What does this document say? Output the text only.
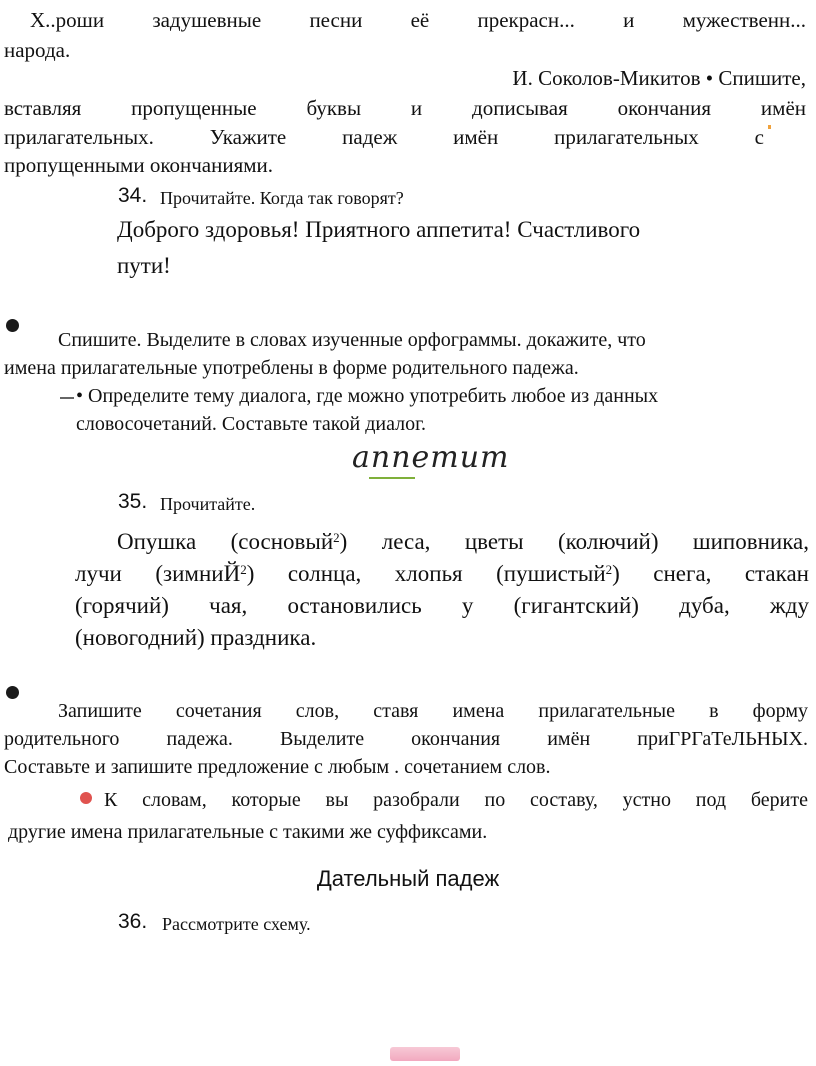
Х..роши задушевные песни её прекрасн... и мужественн...

народа.

И. Соколов-Микитов • Спишите,

вставляя пропущенные буквы и дописывая окончания имён

прилагательных. Укажите падеж имён прилагательных с

пропущенными окончаниями.

34. Прочитайте. Когда так говорят?

Доброго здоровья! Приятного аппетита! Счастливого

пути!

Спишите. Выделите в словах изученные орфограммы. докажите, что

имена прилагательные употреблены в форме родительного падежа.

• Определите тему диалога, где можно употребить любое из данных

словосочетаний. Составьте такой диалог.

аппетит
35. Прочитайте.

Опушка (сосновый$^2$) леса, цветы (колючий) шиповника,

лучи (зимниЙ$^2$) солнца, хлопья (пушистый$^2$) снега, стакан

(горячий) чая, остановились у (гигантский) дуба, жду

(новогодний) праздника.

Запишите сочетания слов, ставя имена прилагательные в форму

родительного падежа. Выделите окончания имён приГРГаТеЛЬНЫХ.

Составьте и запишите предложение с любым . сочетанием слов.

К словам, которые вы разобрали по составу, устно под берите

другие имена прилагательные с такими же суффиксами.

Дательный падеж

36. Рассмотрите схему.
